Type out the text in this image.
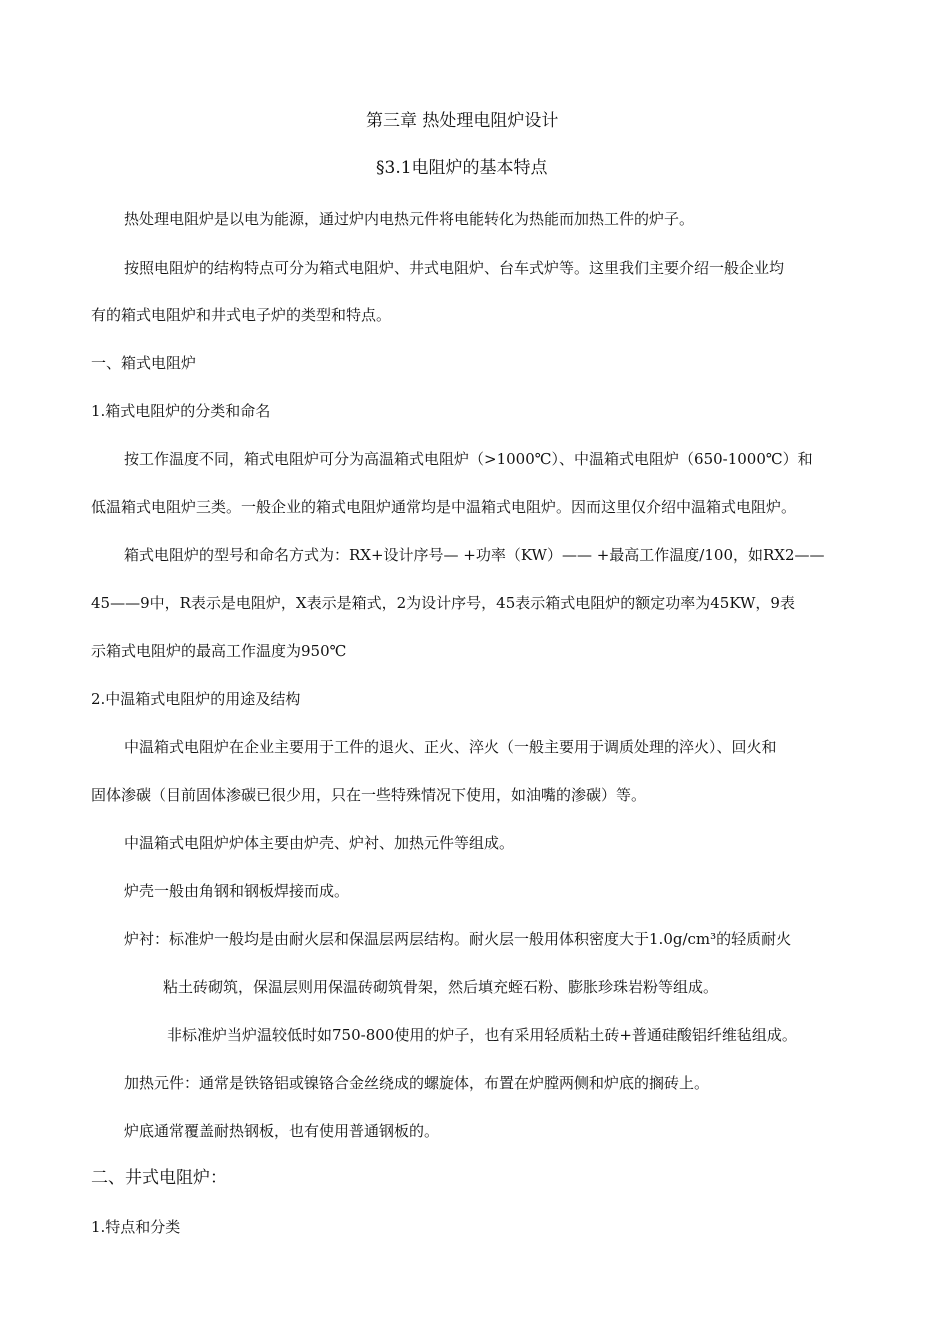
第三章 热处理电阻炉设计

§3.1电阻炉的基本特点

热处理电阻炉是以电为能源，通过炉内电热元件将电能转化为热能而加热工件的炉子。

按照电阻炉的结构特点可分为箱式电阻炉、井式电阻炉、台车式炉等。这里我们主要介绍一般企业均

有的箱式电阻炉和井式电子炉的类型和特点。

一、箱式电阻炉

1.箱式电阻炉的分类和命名

按工作温度不同，箱式电阻炉可分为高温箱式电阻炉（>1000℃）、中温箱式电阻炉（650-1000℃）和

低温箱式电阻炉三类。一般企业的箱式电阻炉通常均是中温箱式电阻炉。因而这里仅介绍中温箱式电阻炉。

箱式电阻炉的型号和命名方式为：RX+设计序号— +功率（KW）—— +最高工作温度/100，如RX2——

45——9中，R表示是电阻炉，X表示是箱式，2为设计序号，45表示箱式电阻炉的额定功率为45KW，9表

示箱式电阻炉的最高工作温度为950℃

2.中温箱式电阻炉的用途及结构

中温箱式电阻炉在企业主要用于工件的退火、正火、淬火（一般主要用于调质处理的淬火）、回火和

固体渗碳（目前固体渗碳已很少用，只在一些特殊情况下使用，如油嘴的渗碳）等。

中温箱式电阻炉炉体主要由炉壳、炉衬、加热元件等组成。

炉壳一般由角钢和钢板焊接而成。

炉衬：标准炉一般均是由耐火层和保温层两层结构。耐火层一般用体积密度大于1.0g/cm³的轻质耐火

粘土砖砌筑，保温层则用保温砖砌筑骨架，然后填充蛭石粉、膨胀珍珠岩粉等组成。

非标准炉当炉温较低时如750-800使用的炉子，也有采用轻质粘土砖+普通硅酸铝纤维毡组成。

加热元件：通常是铁铬铝或镍铬合金丝绕成的螺旋体，布置在炉膛两侧和炉底的搁砖上。

炉底通常覆盖耐热钢板，也有使用普通钢板的。

二、井式电阻炉：

1.特点和分类
